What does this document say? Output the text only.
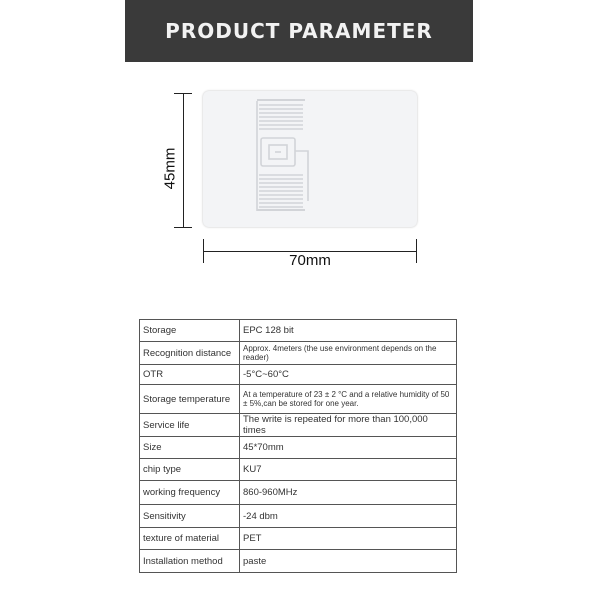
PRODUCT PARAMETER
45mm
70mm
Storage	EPC 128 bit
Recognition distance	Approx. 4meters (the use environment depends on the reader)
OTR	-5°C~60°C
Storage temperature	At a temperature of 23 ± 2 °C and a relative humidity of 50 ± 5%,can be stored for one year.
Service life	The write is repeated for more than 100,000 times
Size	45*70mm
chip type	KU7
working frequency	860-960MHz
Sensitivity	-24 dbm
texture of material	PET
Installation method	paste
